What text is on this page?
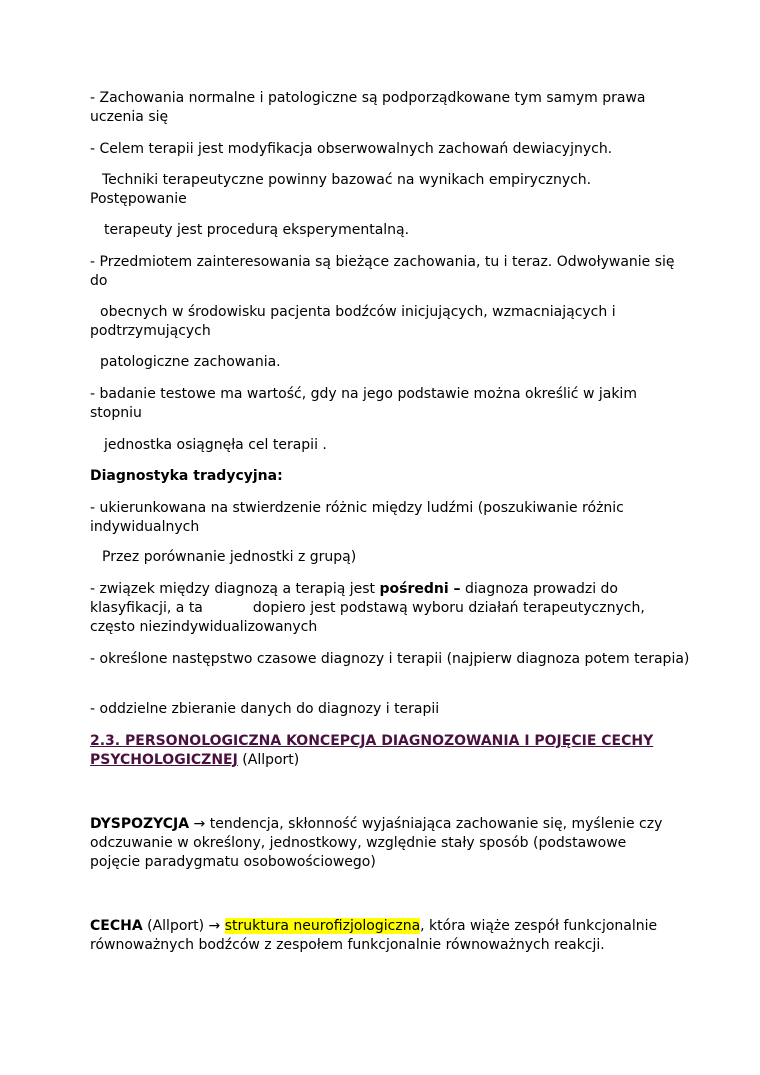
- Zachowania normalne i patologiczne są podporządkowane tym samym prawa uczenia się

- Celem terapii jest modyfikacja obserwowalnych zachowań dewiacyjnych.

Techniki terapeutyczne powinny bazować na wynikach empirycznych. Postępowanie

terapeuty jest procedurą eksperymentalną.

- Przedmiotem zainteresowania są bieżące zachowania, tu i teraz. Odwoływanie się do

obecnych w środowisku pacjenta bodźców inicjujących, wzmacniających i podtrzymujących

patologiczne zachowania.

- badanie testowe ma wartość, gdy na jego podstawie można określić w jakim stopniu

jednostka osiągnęła cel terapii .

Diagnostyka tradycyjna:

- ukierunkowana na stwierdzenie różnic między ludźmi (poszukiwanie różnic indywidualnych

Przez porównanie jednostki z grupą)

- związek między diagnozą a terapią jest pośredni – diagnoza prowadzi do klasyfikacji, a ta	dopiero jest podstawą wyboru działań terapeutycznych, często niezindywidualizowanych

- określone następstwo czasowe diagnozy i terapii (najpierw diagnoza potem terapia)

- oddzielne zbieranie danych do diagnozy i terapii

2.3. PERSONOLOGICZNA KONCEPCJA DIAGNOZOWANIA I POJĘCIE CECHY PSYCHOLOGICZNEJ (Allport)

DYSPOZYCJA → tendencja, skłonność wyjaśniająca zachowanie się, myślenie czy odczuwanie w określony, jednostkowy, względnie stały sposób (podstawowe pojęcie paradygmatu osobowościowego)

CECHA (Allport) → struktura neurofizjologiczna, która wiąże zespół funkcjonalnie równoważnych bodźców z zespołem funkcjonalnie równoważnych reakcji.
